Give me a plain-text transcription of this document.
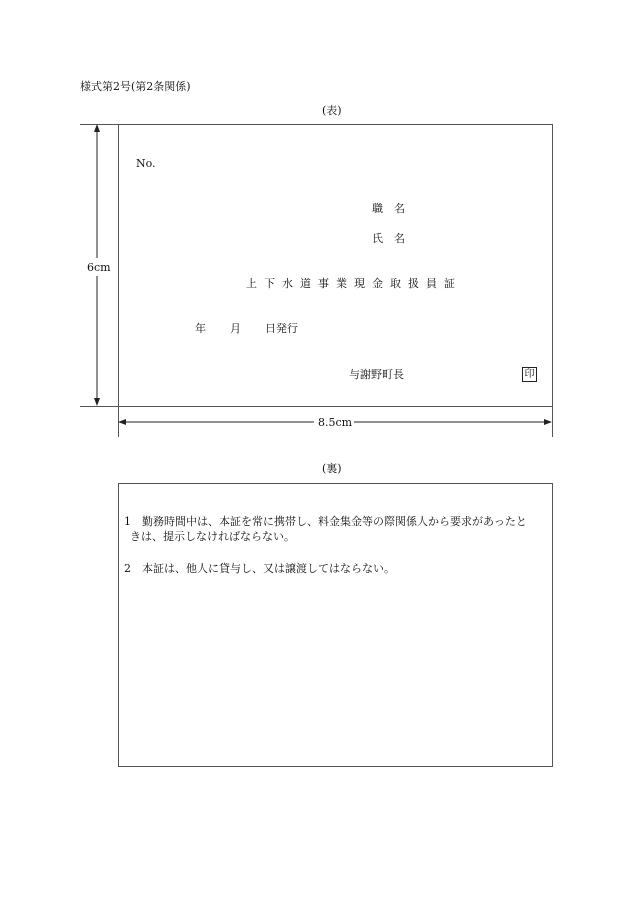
様式第2号(第2条関係)
(表)
No.
職　名
氏　名
上下水道事業現金取扱員証
年 月 日発行
与謝野町長	印
6cm
8.5cm
(裏)
1 勤務時間中は、本証を常に携帯し、料金集金等の際関係人から要求があったと
きは、提示しなければならない。
2 本証は、他人に貸与し、又は譲渡してはならない。
